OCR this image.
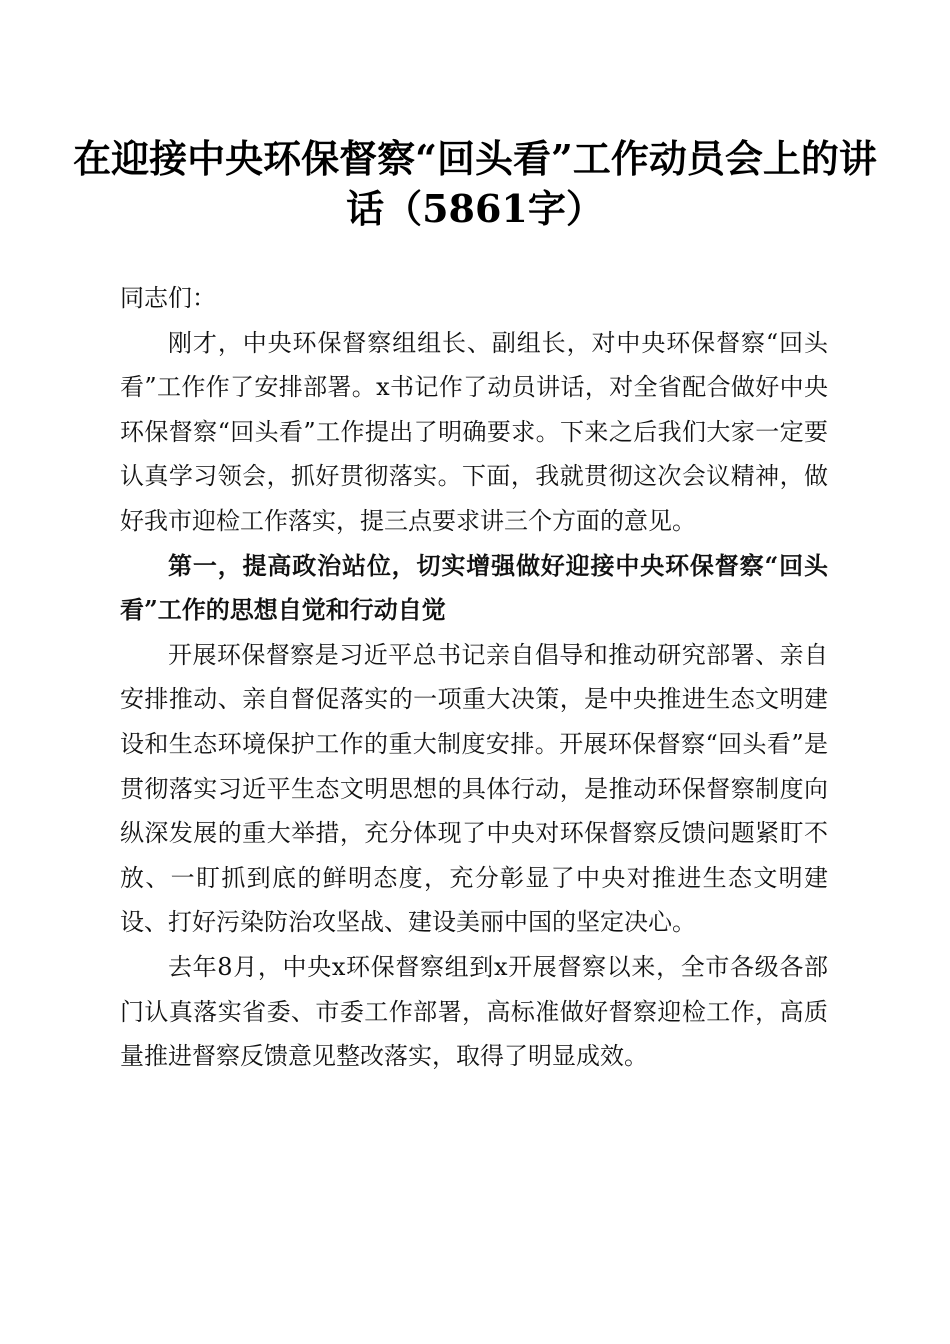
在迎接中央环保督察“回头看”工作动员会上的讲话（5861字）

同志们：

刚才，中央环保督察组组长、副组长，对中央环保督察“回头看”工作作了安排部署。x书记作了动员讲话，对全省配合做好中央环保督察“回头看”工作提出了明确要求。下来之后我们大家一定要认真学习领会，抓好贯彻落实。下面，我就贯彻这次会议精神，做好我市迎检工作落实，提三点要求讲三个方面的意见。

第一，提高政治站位，切实增强做好迎接中央环保督察“回头看”工作的思想自觉和行动自觉

开展环保督察是习近平总书记亲自倡导和推动研究部署、亲自安排推动、亲自督促落实的一项重大决策，是中央推进生态文明建设和生态环境保护工作的重大制度安排。开展环保督察“回头看”是贯彻落实习近平生态文明思想的具体行动，是推动环保督察制度向纵深发展的重大举措，充分体现了中央对环保督察反馈问题紧盯不放、一盯抓到底的鲜明态度，充分彰显了中央对推进生态文明建设、打好污染防治攻坚战、建设美丽中国的坚定决心。

去年8月，中央x环保督察组到x开展督察以来，全市各级各部门认真落实省委、市委工作部署，高标准做好督察迎检工作，高质量推进督察反馈意见整改落实，取得了明显成效。
